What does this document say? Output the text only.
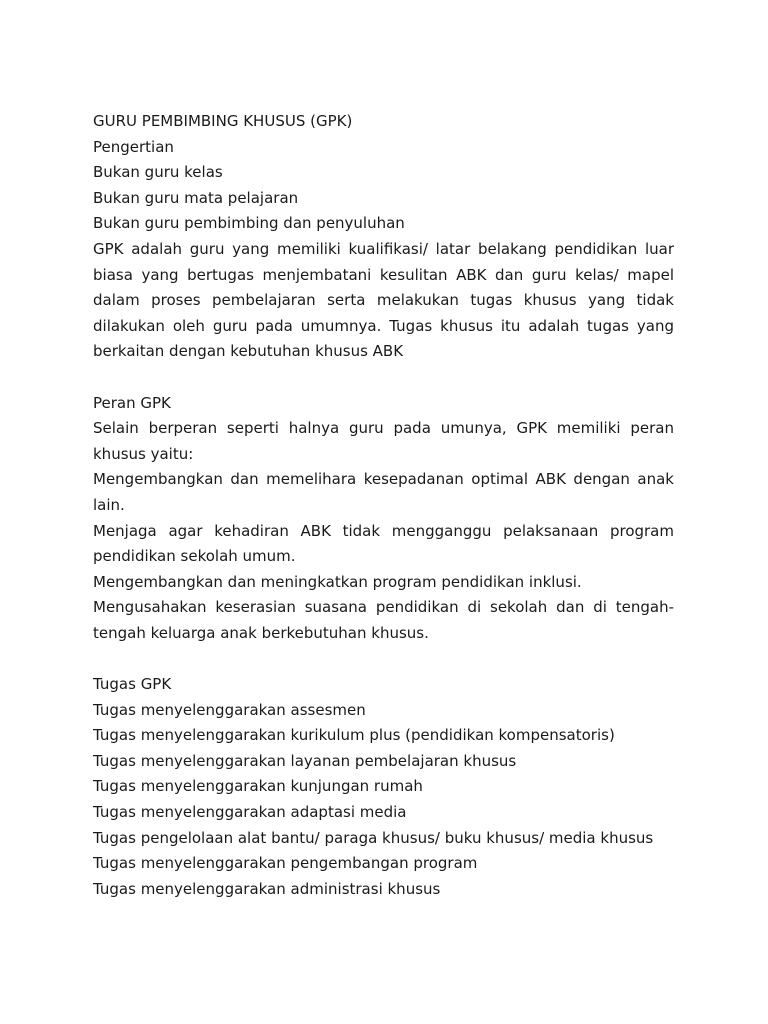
GURU PEMBIMBING KHUSUS (GPK)
Pengertian
Bukan guru kelas
Bukan guru mata pelajaran
Bukan guru pembimbing dan penyuluhan
GPK adalah guru yang memiliki kualifikasi/ latar belakang pendidikan luar biasa yang bertugas menjembatani kesulitan ABK dan guru kelas/ mapel dalam proses pembelajaran serta melakukan tugas khusus yang tidak dilakukan oleh guru pada umumnya. Tugas khusus itu adalah tugas yang berkaitan dengan kebutuhan khusus ABK
Peran GPK
Selain berperan seperti halnya guru pada umunya, GPK memiliki peran khusus yaitu:
Mengembangkan dan memelihara kesepadanan optimal ABK dengan anak lain.
Menjaga agar kehadiran ABK tidak mengganggu pelaksanaan program pendidikan sekolah umum.
Mengembangkan dan meningkatkan program pendidikan inklusi.
Mengusahakan keserasian suasana pendidikan di sekolah dan di tengah-tengah keluarga anak berkebutuhan khusus.
Tugas GPK
Tugas menyelenggarakan assesmen
Tugas menyelenggarakan kurikulum plus (pendidikan kompensatoris)
Tugas menyelenggarakan layanan pembelajaran khusus
Tugas menyelenggarakan kunjungan rumah
Tugas menyelenggarakan adaptasi media
Tugas pengelolaan alat bantu/ paraga khusus/ buku khusus/ media khusus
Tugas menyelenggarakan pengembangan program
Tugas menyelenggarakan administrasi khusus
